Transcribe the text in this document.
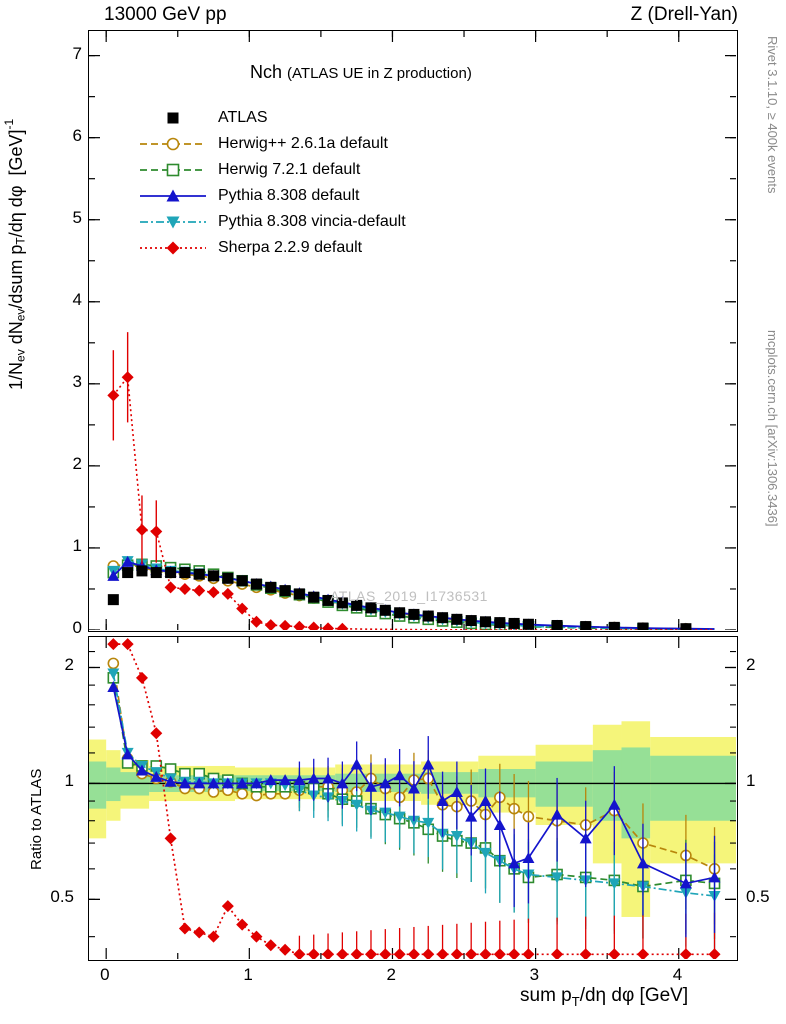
13000 GeV pp	Z (Drell-Yan)
Rivet 3.1.10, ≥ 400k events
mcplots.cern.ch [arXiv:1306.3436]
$1/N_{ev}$ $dN_{ev}$/dsum $p_T/d\eta$ dφ  [GeV]$^{-1}$
Ratio to ATLAS
sum $p_T/d\eta$ dφ [GeV]
Nch (ATLAS UE in Z production)
ATLAS_2019_I1736531
ATLAS
Herwig++ 2.6.1a default
Herwig 7.2.1 default
Pythia 8.308 default
Pythia 8.308 vincia-default
Sherpa 2.2.9 default
0
1
2
3
4
5
6
7
0.5	0.5
1	1
2	2
0	1	2	3	4
